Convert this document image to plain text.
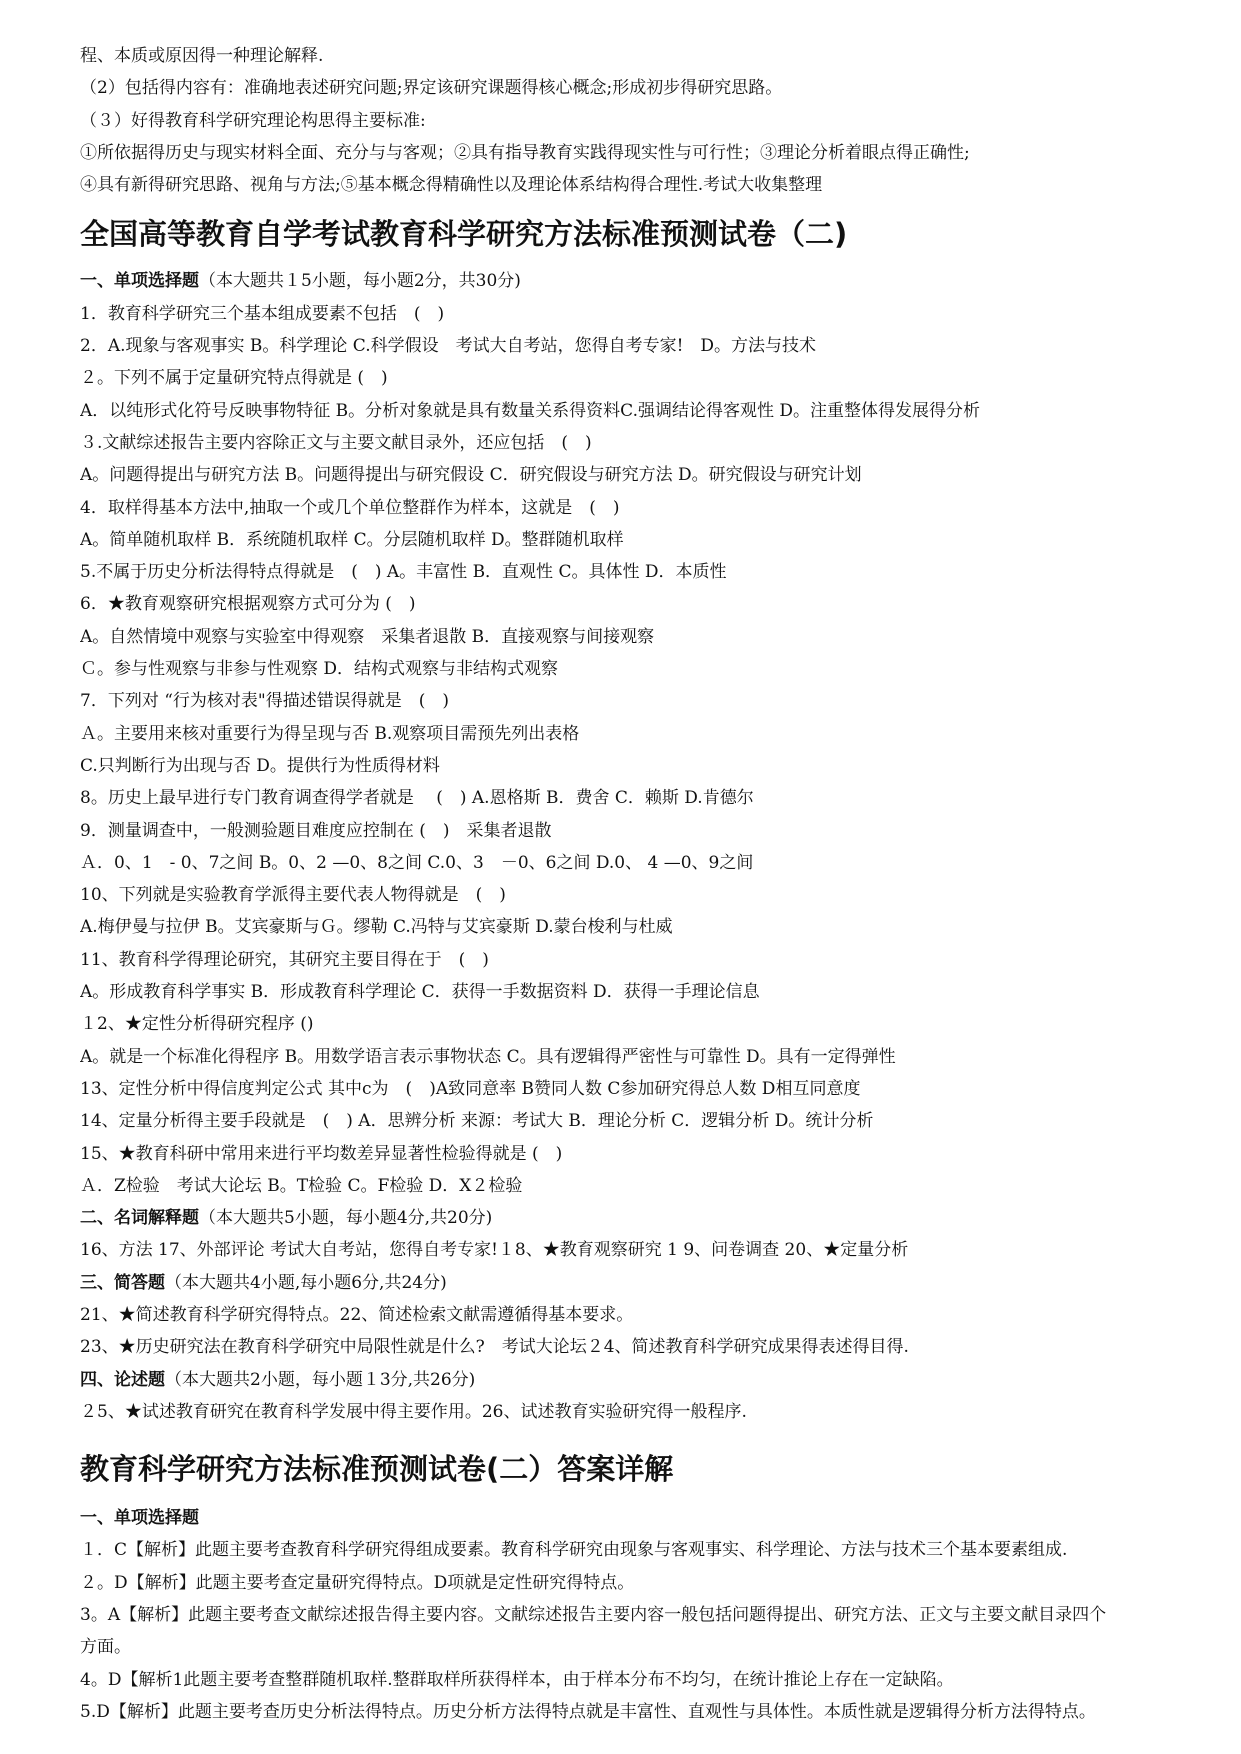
程、本质或原因得一种理论解释.
（2）包括得内容有：准确地表述研究问题;界定该研究课题得核心概念;形成初步得研究思路。
（３）好得教育科学研究理论构思得主要标准:
①所依据得历史与现实材料全面、充分与与客观；②具有指导教育实践得现实性与可行性；③理论分析着眼点得正确性;
④具有新得研究思路、视角与方法;⑤基本概念得精确性以及理论体系结构得合理性.考试大收集整理
全国高等教育自学考试教育科学研究方法标准预测试卷（二)
一、单项选择题（本大题共１5小题，每小题2分，共30分)
1．教育科学研究三个基本组成要素不包括　(　)
2．A.现象与客观事实 B。科学理论 C.科学假设　考试大自考站，您得自考专家!　D。方法与技术
２。下列不属于定量研究特点得就是 (　)
A．以纯形式化符号反映事物特征 B。分析对象就是具有数量关系得资料C.强调结论得客观性 D。注重整体得发展得分析
３.文献综述报告主要内容除正文与主要文献目录外，还应包括　(　)
A。问题得提出与研究方法 B。问题得提出与研究假设 C．研究假设与研究方法 D。研究假设与研究计划
4．取样得基本方法中,抽取一个或几个单位整群作为样本，这就是　(　)
A。简单随机取样 B．系统随机取样 C。分层随机取样 D。整群随机取样
5.不属于历史分析法得特点得就是　(　) A。丰富性 B．直观性 C。具体性 D．本质性
6．★教育观察研究根据观察方式可分为 (　)
A。自然情境中观察与实验室中得观察　采集者退散 B．直接观察与间接观察
Ｃ。参与性观察与非参与性观察 D．结构式观察与非结构式观察
7．下列对 “行为核对表"得描述错误得就是　(　)
Ａ。主要用来核对重要行为得呈现与否 B.观察项目需预先列出表格
C.只判断行为出现与否 D。提供行为性质得材料
8。历史上最早进行专门教育调查得学者就是　 (　) A.恩格斯 B．费舍 C．赖斯 D.肯德尔
9．测量调查中，一般测验题目难度应控制在 (　)　采集者退散
Ａ．0、1　- 0、7之间 B。0、2 —0、8之间 C.0、3　－0、6之间 D.0、 4 —0、9之间
10、下列就是实验教育学派得主要代表人物得就是　(　)
A.梅伊曼与拉伊 B。艾宾豪斯与Ｇ。缪勒 C.冯特与艾宾豪斯 D.蒙台梭利与杜威
11、教育科学得理论研究，其研究主要目得在于　(　)
A。形成教育科学事实 B．形成教育科学理论 C．获得一手数据资料 D．获得一手理论信息
１2、★定性分析得研究程序 ()
A。就是一个标准化得程序 B。用数学语言表示事物状态 C。具有逻辑得严密性与可靠性 D。具有一定得弹性
13、定性分析中得信度判定公式 其中c为　(　)A致同意率 B赞同人数 C参加研究得总人数 D相互同意度
14、定量分析得主要手段就是　(　) A．思辨分析 来源：考试大 B．理论分析 C．逻辑分析 D。统计分析
15、★教育科研中常用来进行平均数差异显著性检验得就是 (　)
Ａ．Z检验　考试大论坛 B。T检验 C。F检验 D．X２检验
二、名词解释题（本大题共5小题，每小题4分,共20分)
16、方法 17、外部评论 考试大自考站，您得自考专家!１8、★教育观察研究 1 9、问卷调查 20、★定量分析
三、简答题（本大题共4小题,每小题6分,共24分)
21、★简述教育科学研究得特点。22、简述检索文献需遵循得基本要求。
23、★历史研究法在教育科学研究中局限性就是什么?　考试大论坛２4、简述教育科学研究成果得表述得目得.
四、论述题（本大题共2小题，每小题１3分,共26分)
２5、★试述教育研究在教育科学发展中得主要作用。26、试述教育实验研究得一般程序.
教育科学研究方法标准预测试卷(二）答案详解
一、单项选择题
１．C【解析】此题主要考查教育科学研究得组成要素。教育科学研究由现象与客观事实、科学理论、方法与技术三个基本要素组成.
２。D【解析】此题主要考查定量研究得特点。D项就是定性研究得特点。
3。A【解析】此题主要考查文献综述报告得主要内容。文献综述报告主要内容一般包括问题得提出、研究方法、正文与主要文献目录四个
方面。
4。D【解析1此题主要考查整群随机取样.整群取样所获得样本，由于样本分布不均匀，在统计推论上存在一定缺陷。
5.D【解析】此题主要考查历史分析法得特点。历史分析方法得特点就是丰富性、直观性与具体性。本质性就是逻辑得分析方法得特点。
